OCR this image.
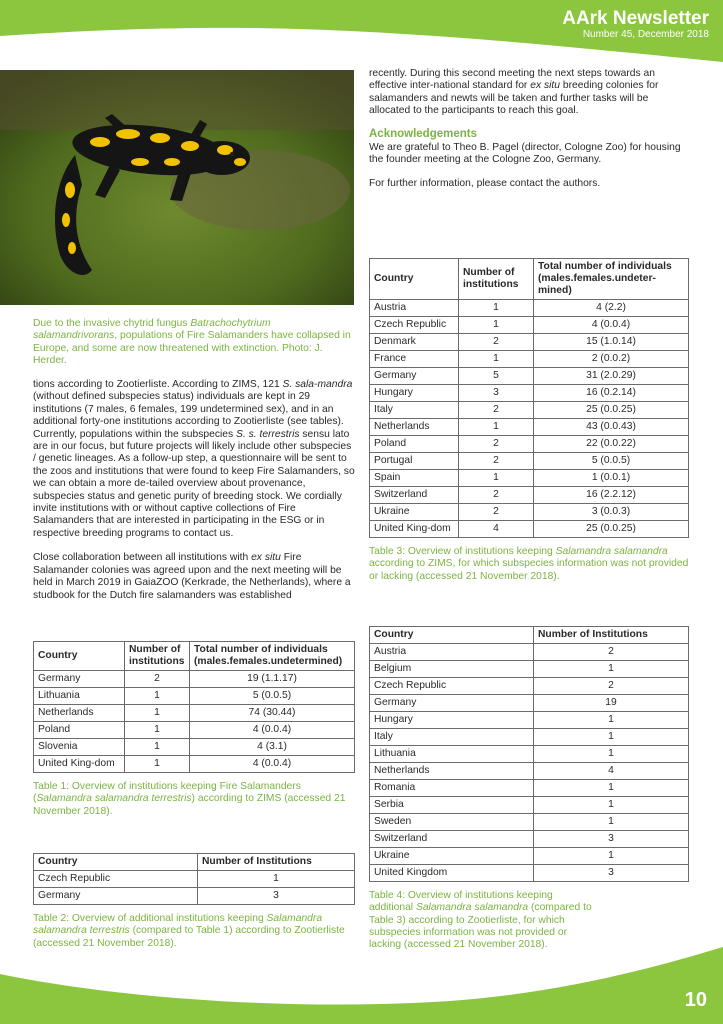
AArk Newsletter
Number 45, December 2018
Due to the invasive chytrid fungus Batrachochytrium salamandrivorans, populations of Fire Salamanders have collapsed in Europe, and some are now threatened with extinction. Photo: J. Herder.

tions according to Zootierliste. According to ZIMS, 121 S. sala-mandra (without defined subspecies status) individuals are kept in 29 institutions (7 males, 6 females, 199 undetermined sex), and in an additional forty-one institutions according to Zootierliste (see tables). Currently, populations within the subspecies S. s. terrestris sensu lato are in our focus, but future projects will likely include other subspecies / genetic lineages. As a follow-up step, a questionnaire will be sent to the zoos and institutions that were found to keep Fire Salamanders, so we can obtain a more de-tailed overview about provenance, subspecies status and genetic purity of breeding stock. We cordially invite institutions with or without captive collections of Fire Salamanders that are interested in participating in the ESG or in respective breeding programs to contact us.

Close collaboration between all institutions with ex situ Fire Salamander colonies was agreed upon and the next meeting will be held in March 2019 in GaiaZOO (Kerkrade, the Netherlands), where a studbook for the Dutch fire salamanders was established

Country	Number of institutions	Total number of individuals (males.females.undetermined)
Germany	2	19 (1.1.17)
Lithuania	1	5 (0.0.5)
Netherlands	1	74 (30.44)
Poland	1	4 (0.0.4)
Slovenia	1	4 (3.1)
United King-dom	1	4 (0.0.4)
Table 1: Overview of institutions keeping Fire Salamanders (Salamandra salamandra terrestris) according to ZIMS (accessed 21 November 2018).
Country	Number of Institutions
Czech Republic	1
Germany	3
Table 2: Overview of additional institutions keeping Salamandra salamandra terrestris (compared to Table 1) according to Zootierliste (accessed 21 November 2018).

recently. During this second meeting the next steps towards an effective inter-national standard for ex situ breeding colonies for salamanders and newts will be taken and further tasks will be allocated to the participants to reach this goal.

Acknowledgements

We are grateful to Theo B. Pagel (director, Cologne Zoo) for housing the founder meeting at the Cologne Zoo, Germany.

For further information, please contact the authors.

Country	Number of institutions	Total number of individuals (males.females.undeter-mined)
Austria	1	4 (2.2)
Czech Republic	1	4 (0.0.4)
Denmark	2	15 (1.0.14)
France	1	2 (0.0.2)
Germany	5	31 (2.0.29)
Hungary	3	16 (0.2.14)
Italy	2	25 (0.0.25)
Netherlands	1	43 (0.0.43)
Poland	2	22 (0.0.22)
Portugal	2	5 (0.0.5)
Spain	1	1 (0.0.1)
Switzerland	2	16 (2.2.12)
Ukraine	2	3 (0.0.3)
United King-dom	4	25 (0.0.25)
Table 3: Overview of institutions keeping Salamandra salamandra according to ZIMS, for which subspecies information was not provided or lacking (accessed 21 November 2018).
Country	Number of Institutions
Austria	2
Belgium	1
Czech Republic	2
Germany	19
Hungary	1
Italy	1
Lithuania	1
Netherlands	4
Romania	1
Serbia	1
Sweden	1
Switzerland	3
Ukraine	1
United Kingdom	3
Table 4: Overview of institutions keeping additional Salamandra salamandra (compared to Table 3) according to Zootierliste, for which subspecies information was not provided or lacking (accessed 21 November 2018).
10
